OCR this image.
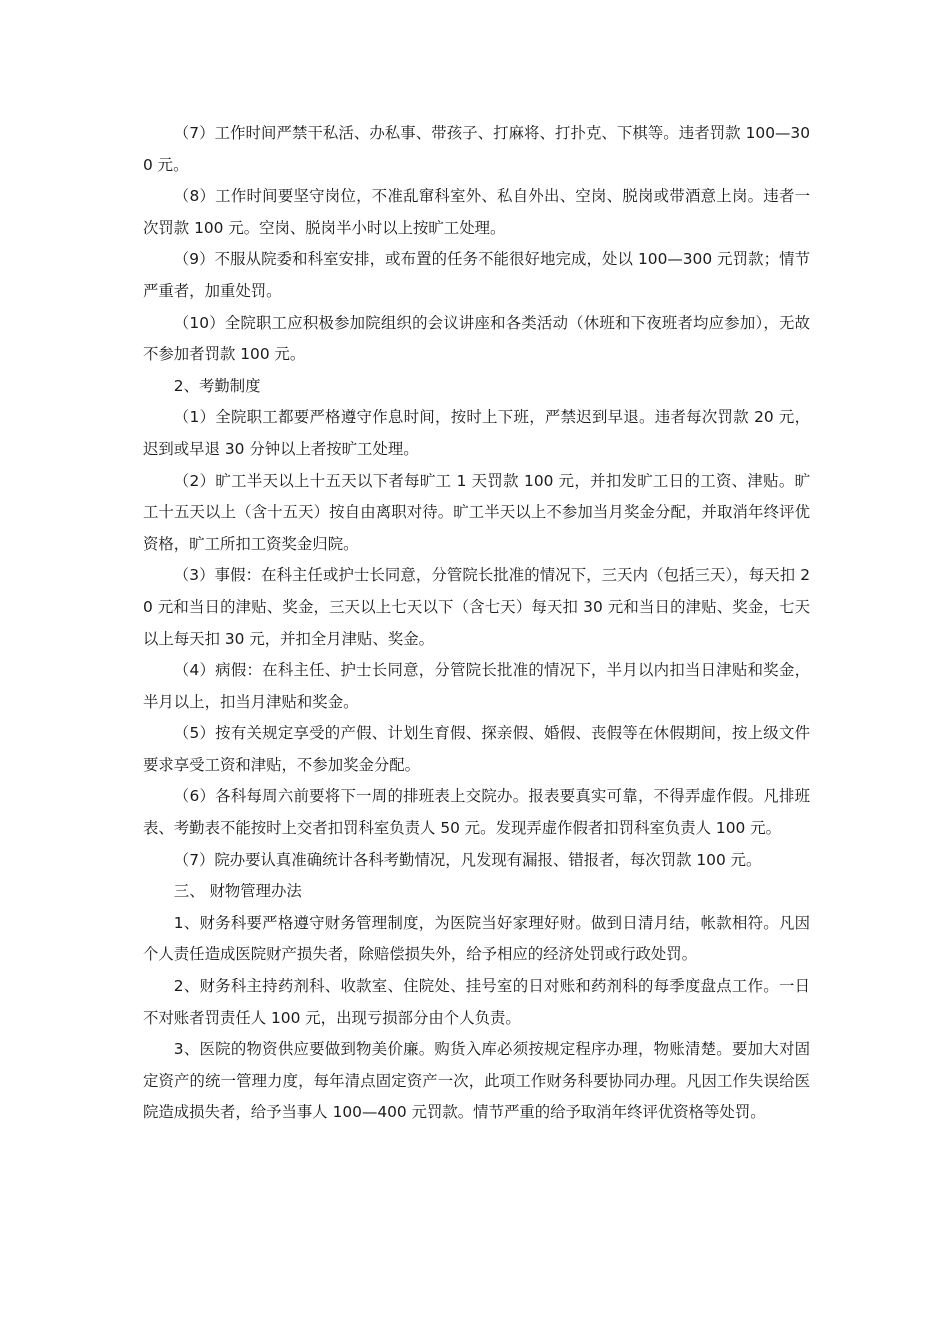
（7）工作时间严禁干私活、办私事、带孩子、打麻将、打扑克、下棋等。违者罚款 100—300 元。

（8）工作时间要坚守岗位，不准乱窜科室外、私自外出、空岗、脱岗或带酒意上岗。违者一次罚款 100 元。空岗、脱岗半小时以上按旷工处理。

（9）不服从院委和科室安排，或布置的任务不能很好地完成，处以 100—300 元罚款；情节严重者，加重处罚。

（10）全院职工应积极参加院组织的会议讲座和各类活动（休班和下夜班者均应参加），无故不参加者罚款 100 元。

2、考勤制度

（1）全院职工都要严格遵守作息时间，按时上下班，严禁迟到早退。违者每次罚款 20 元，迟到或早退 30 分钟以上者按旷工处理。

（2）旷工半天以上十五天以下者每旷工 1 天罚款 100 元，并扣发旷工日的工资、津贴。旷工十五天以上（含十五天）按自由离职对待。旷工半天以上不参加当月奖金分配，并取消年终评优资格，旷工所扣工资奖金归院。

（3）事假：在科主任或护士长同意，分管院长批准的情况下，三天内（包括三天），每天扣 20 元和当日的津贴、奖金，三天以上七天以下（含七天）每天扣 30 元和当日的津贴、奖金，七天以上每天扣 30 元，并扣全月津贴、奖金。

（4）病假：在科主任、护士长同意，分管院长批准的情况下，半月以内扣当日津贴和奖金，半月以上，扣当月津贴和奖金。

（5）按有关规定享受的产假、计划生育假、探亲假、婚假、丧假等在休假期间，按上级文件要求享受工资和津贴，不参加奖金分配。

（6）各科每周六前要将下一周的排班表上交院办。报表要真实可靠，不得弄虚作假。凡排班表、考勤表不能按时上交者扣罚科室负责人 50 元。发现弄虚作假者扣罚科室负责人 100 元。

（7）院办要认真准确统计各科考勤情况，凡发现有漏报、错报者，每次罚款 100 元。

三、 财物管理办法

1、财务科要严格遵守财务管理制度，为医院当好家理好财。做到日清月结，帐款相符。凡因个人责任造成医院财产损失者，除赔偿损失外，给予相应的经济处罚或行政处罚。

2、财务科主持药剂科、收款室、住院处、挂号室的日对账和药剂科的每季度盘点工作。一日不对账者罚责任人 100 元，出现亏损部分由个人负责。

3、医院的物资供应要做到物美价廉。购货入库必须按规定程序办理，物账清楚。要加大对固定资产的统一管理力度，每年清点固定资产一次，此项工作财务科要协同办理。凡因工作失误给医院造成损失者，给予当事人 100—400 元罚款。情节严重的给予取消年终评优资格等处罚。
